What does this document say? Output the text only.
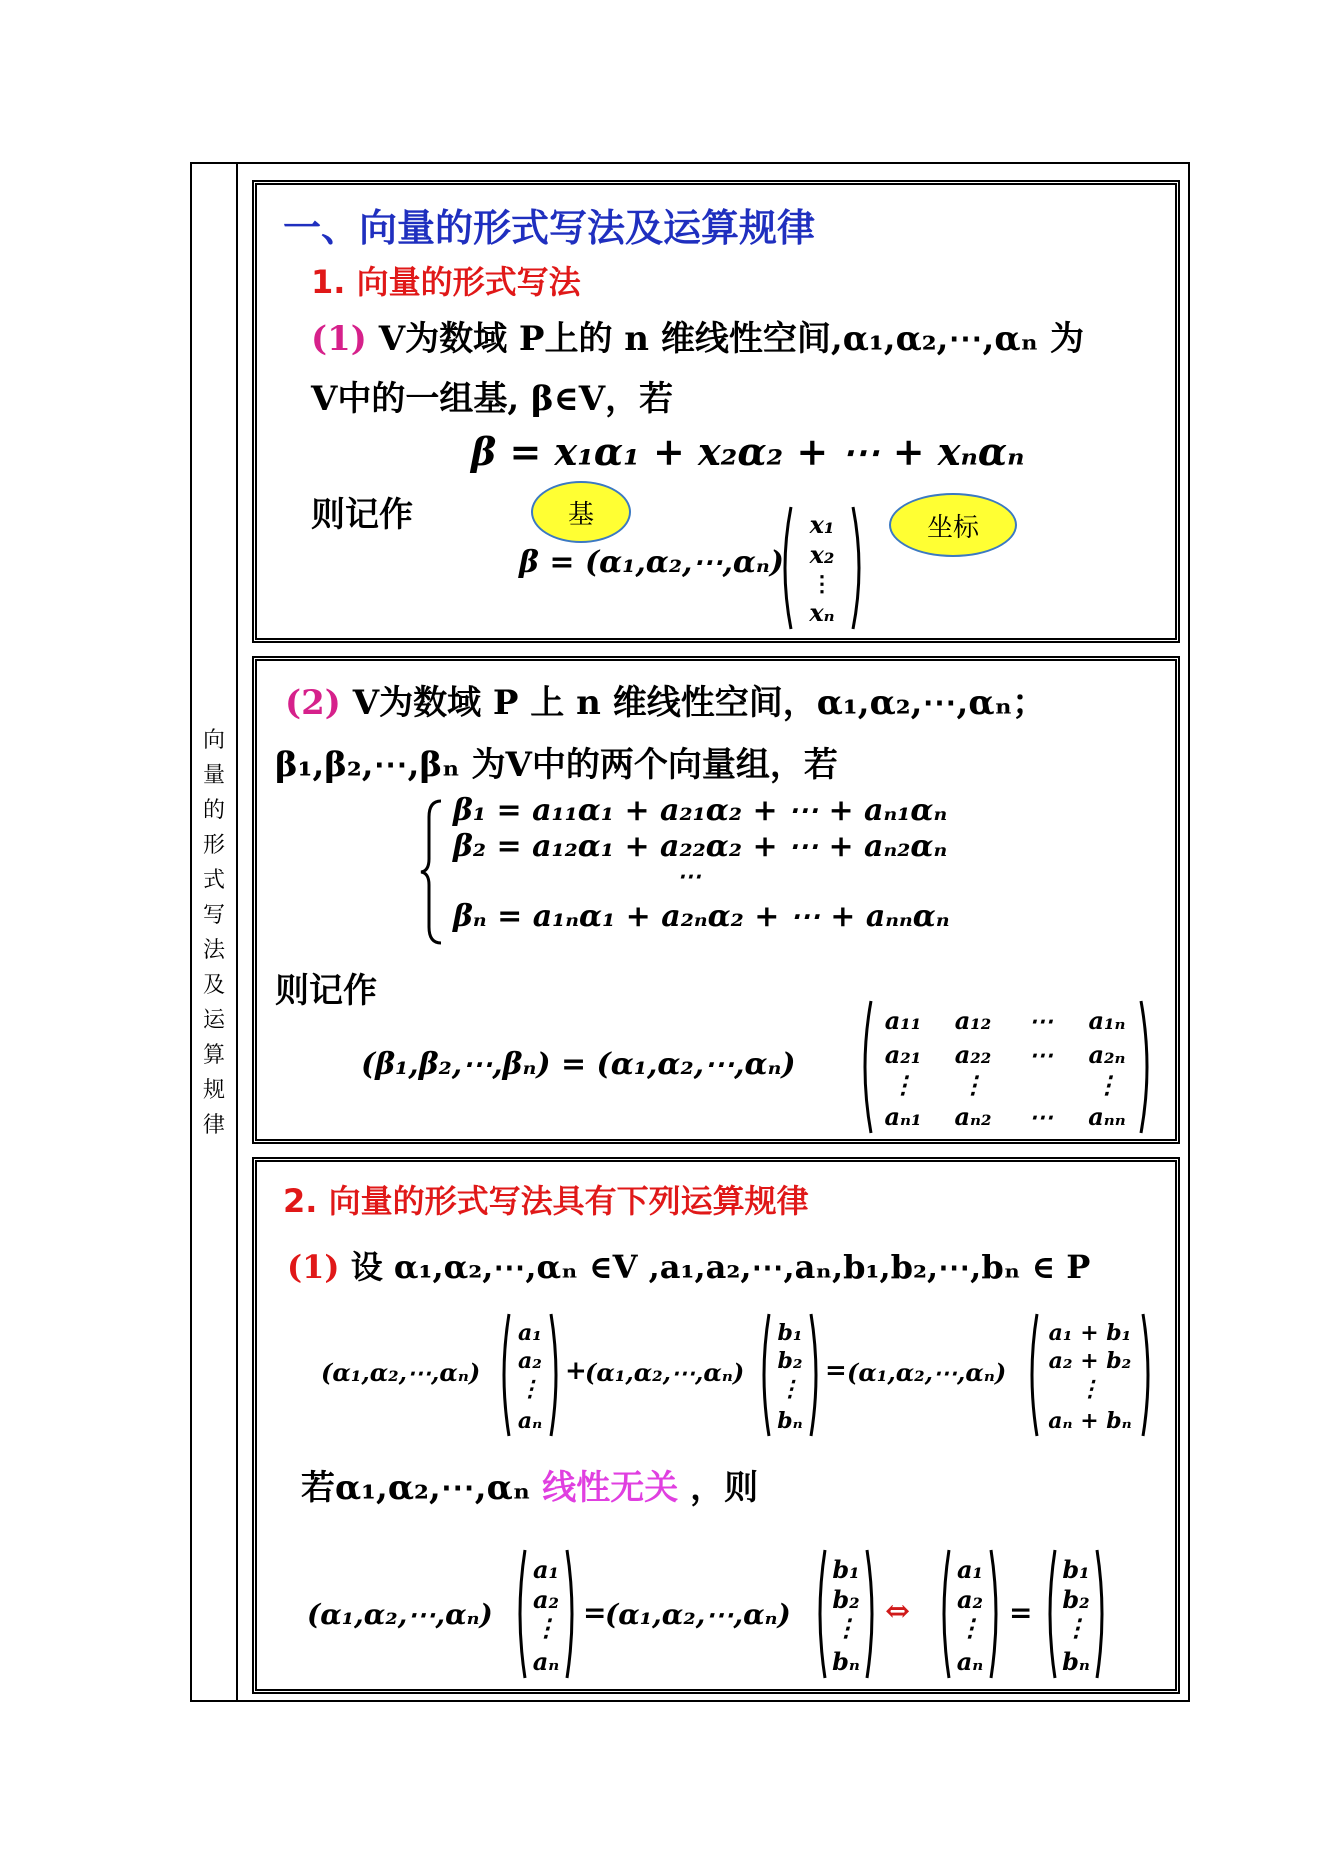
向
量
的
形
式
写
法
及
运
算
规
律
一、向量的形式写法及运算规律
1. 向量的形式写法
(1) V为数域 P上的 n 维线性空间,α₁,α₂,⋯,αₙ 为
V中的一组基, β∈V，若
β = x₁α₁ + x₂α₂ + ⋯ + xₙαₙ
则记作	基
β = (α₁,α₂,⋯,αₙ)
x₁
x₂
⋮
xₙ
坐标
(2) V为数域 P 上 n 维线性空间，α₁,α₂,⋯,αₙ；
β₁,β₂,⋯,βₙ 为V中的两个向量组，若
β₁ = a₁₁α₁ + a₂₁α₂ + ⋯ + aₙ₁αₙ
β₂ = a₁₂α₁ + a₂₂α₂ + ⋯ + aₙ₂αₙ
⋯
βₙ = a₁ₙα₁ + a₂ₙα₂ + ⋯ + aₙₙαₙ
则记作
(β₁,β₂,⋯,βₙ) = (α₁,α₂,⋯,αₙ)
a₁₁ a₁₂ ⋯ a₁ₙ
a₂₁ a₂₂ ⋯ a₂ₙ
⋮ ⋮	⋮
aₙ₁ aₙ₂ ⋯ aₙₙ
2. 向量的形式写法具有下列运算规律
(1) 设 α₁,α₂,⋯,αₙ ∈V ,a₁,a₂,⋯,aₙ,b₁,b₂,⋯,bₙ ∈ P
(α₁,α₂,⋯,αₙ)
a₁
a₂
⋮
aₙ
+
(α₁,α₂,⋯,αₙ)
b₁
b₂
⋮
bₙ
= (α₁,α₂,⋯,αₙ)
a₁ + b₁
a₂ + b₂
⋮
aₙ + bₙ
若α₁,α₂,⋯,αₙ 线性无关 ，则
(α₁,α₂,⋯,αₙ)
a₁
a₂
⋮
aₙ
=
(α₁,α₂,⋯,αₙ)
b₁
b₂
⋮
bₙ
⇔
a₁
a₂
⋮
aₙ
=
b₁
b₂
⋮
bₙ
